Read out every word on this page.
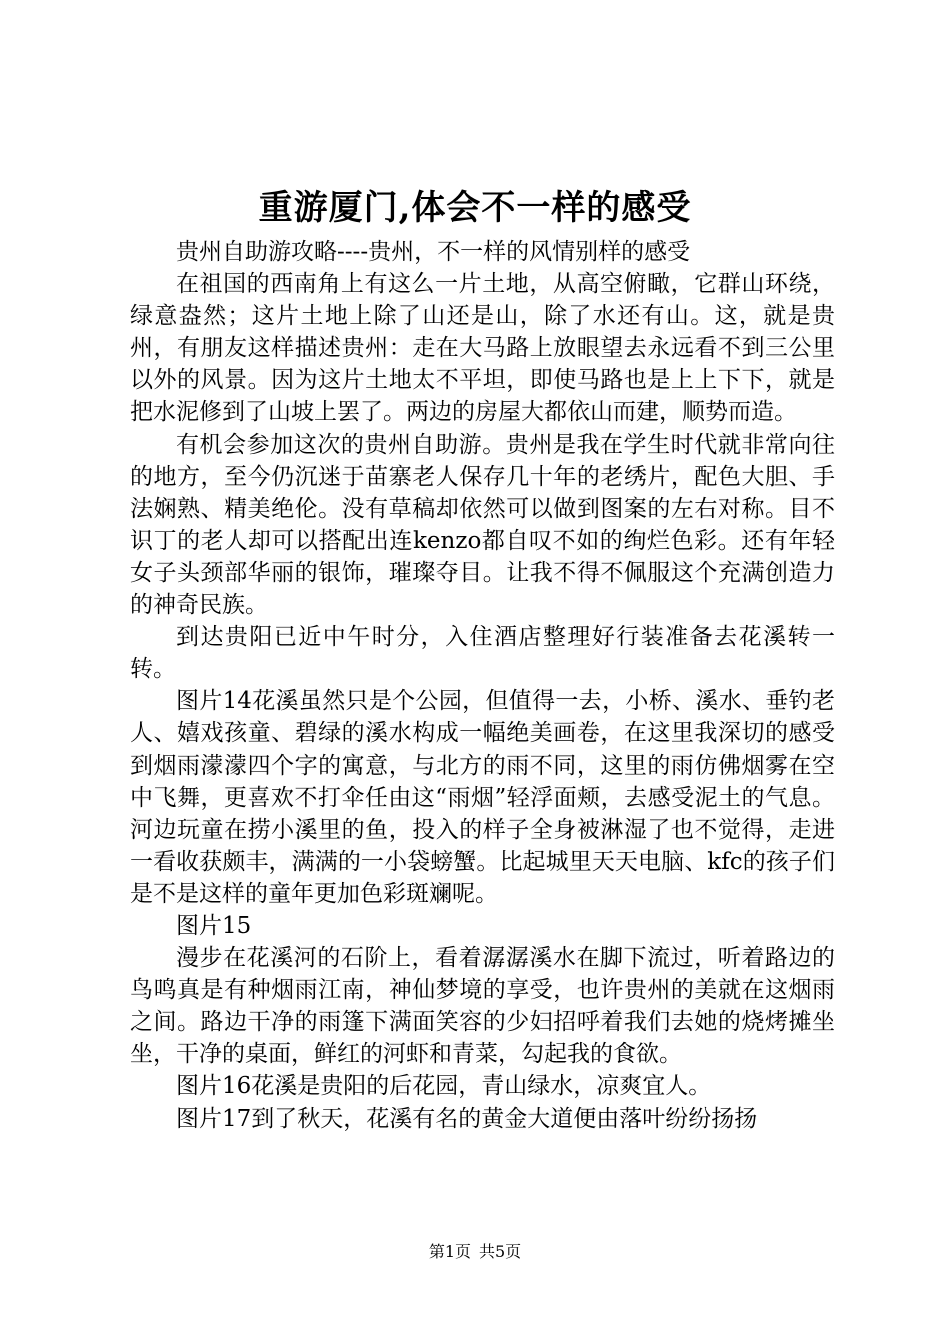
重游厦门,体会不一样的感受

贵州自助游攻略----贵州，不一样的风情别样的感受

在祖国的西南角上有这么一片土地，从高空俯瞰，它群山环绕，绿意盎然；这片土地上除了山还是山，除了水还有山。这，就是贵州，有朋友这样描述贵州：走在大马路上放眼望去永远看不到三公里以外的风景。因为这片土地太不平坦，即使马路也是上上下下，就是把水泥修到了山坡上罢了。两边的房屋大都依山而建，顺势而造。

有机会参加这次的贵州自助游。贵州是我在学生时代就非常向往的地方，至今仍沉迷于苗寨老人保存几十年的老绣片，配色大胆、手法娴熟、精美绝伦。没有草稿却依然可以做到图案的左右对称。目不识丁的老人却可以搭配出连kenzo都自叹不如的绚烂色彩。还有年轻女子头颈部华丽的银饰，璀璨夺目。让我不得不佩服这个充满创造力的神奇民族。

到达贵阳已近中午时分，入住酒店整理好行装准备去花溪转一转。

图片14花溪虽然只是个公园，但值得一去，小桥、溪水、垂钓老人、嬉戏孩童、碧绿的溪水构成一幅绝美画卷，在这里我深切的感受到烟雨濛濛四个字的寓意，与北方的雨不同，这里的雨仿佛烟雾在空中飞舞，更喜欢不打伞任由这“雨烟”轻浮面颊，去感受泥土的气息。河边玩童在捞小溪里的鱼，投入的样子全身被淋湿了也不觉得，走进一看收获颇丰，满满的一小袋螃蟹。比起城里天天电脑、kfc的孩子们是不是这样的童年更加色彩斑斓呢。

图片15

漫步在花溪河的石阶上，看着潺潺溪水在脚下流过，听着路边的鸟鸣真是有种烟雨江南，神仙梦境的享受，也许贵州的美就在这烟雨之间。路边干净的雨篷下满面笑容的少妇招呼着我们去她的烧烤摊坐坐，干净的桌面，鲜红的河虾和青菜，勾起我的食欲。

图片16花溪是贵阳的后花园，青山绿水，凉爽宜人。

图片17到了秋天，花溪有名的黄金大道便由落叶纷纷扬扬

第1页 共5页
